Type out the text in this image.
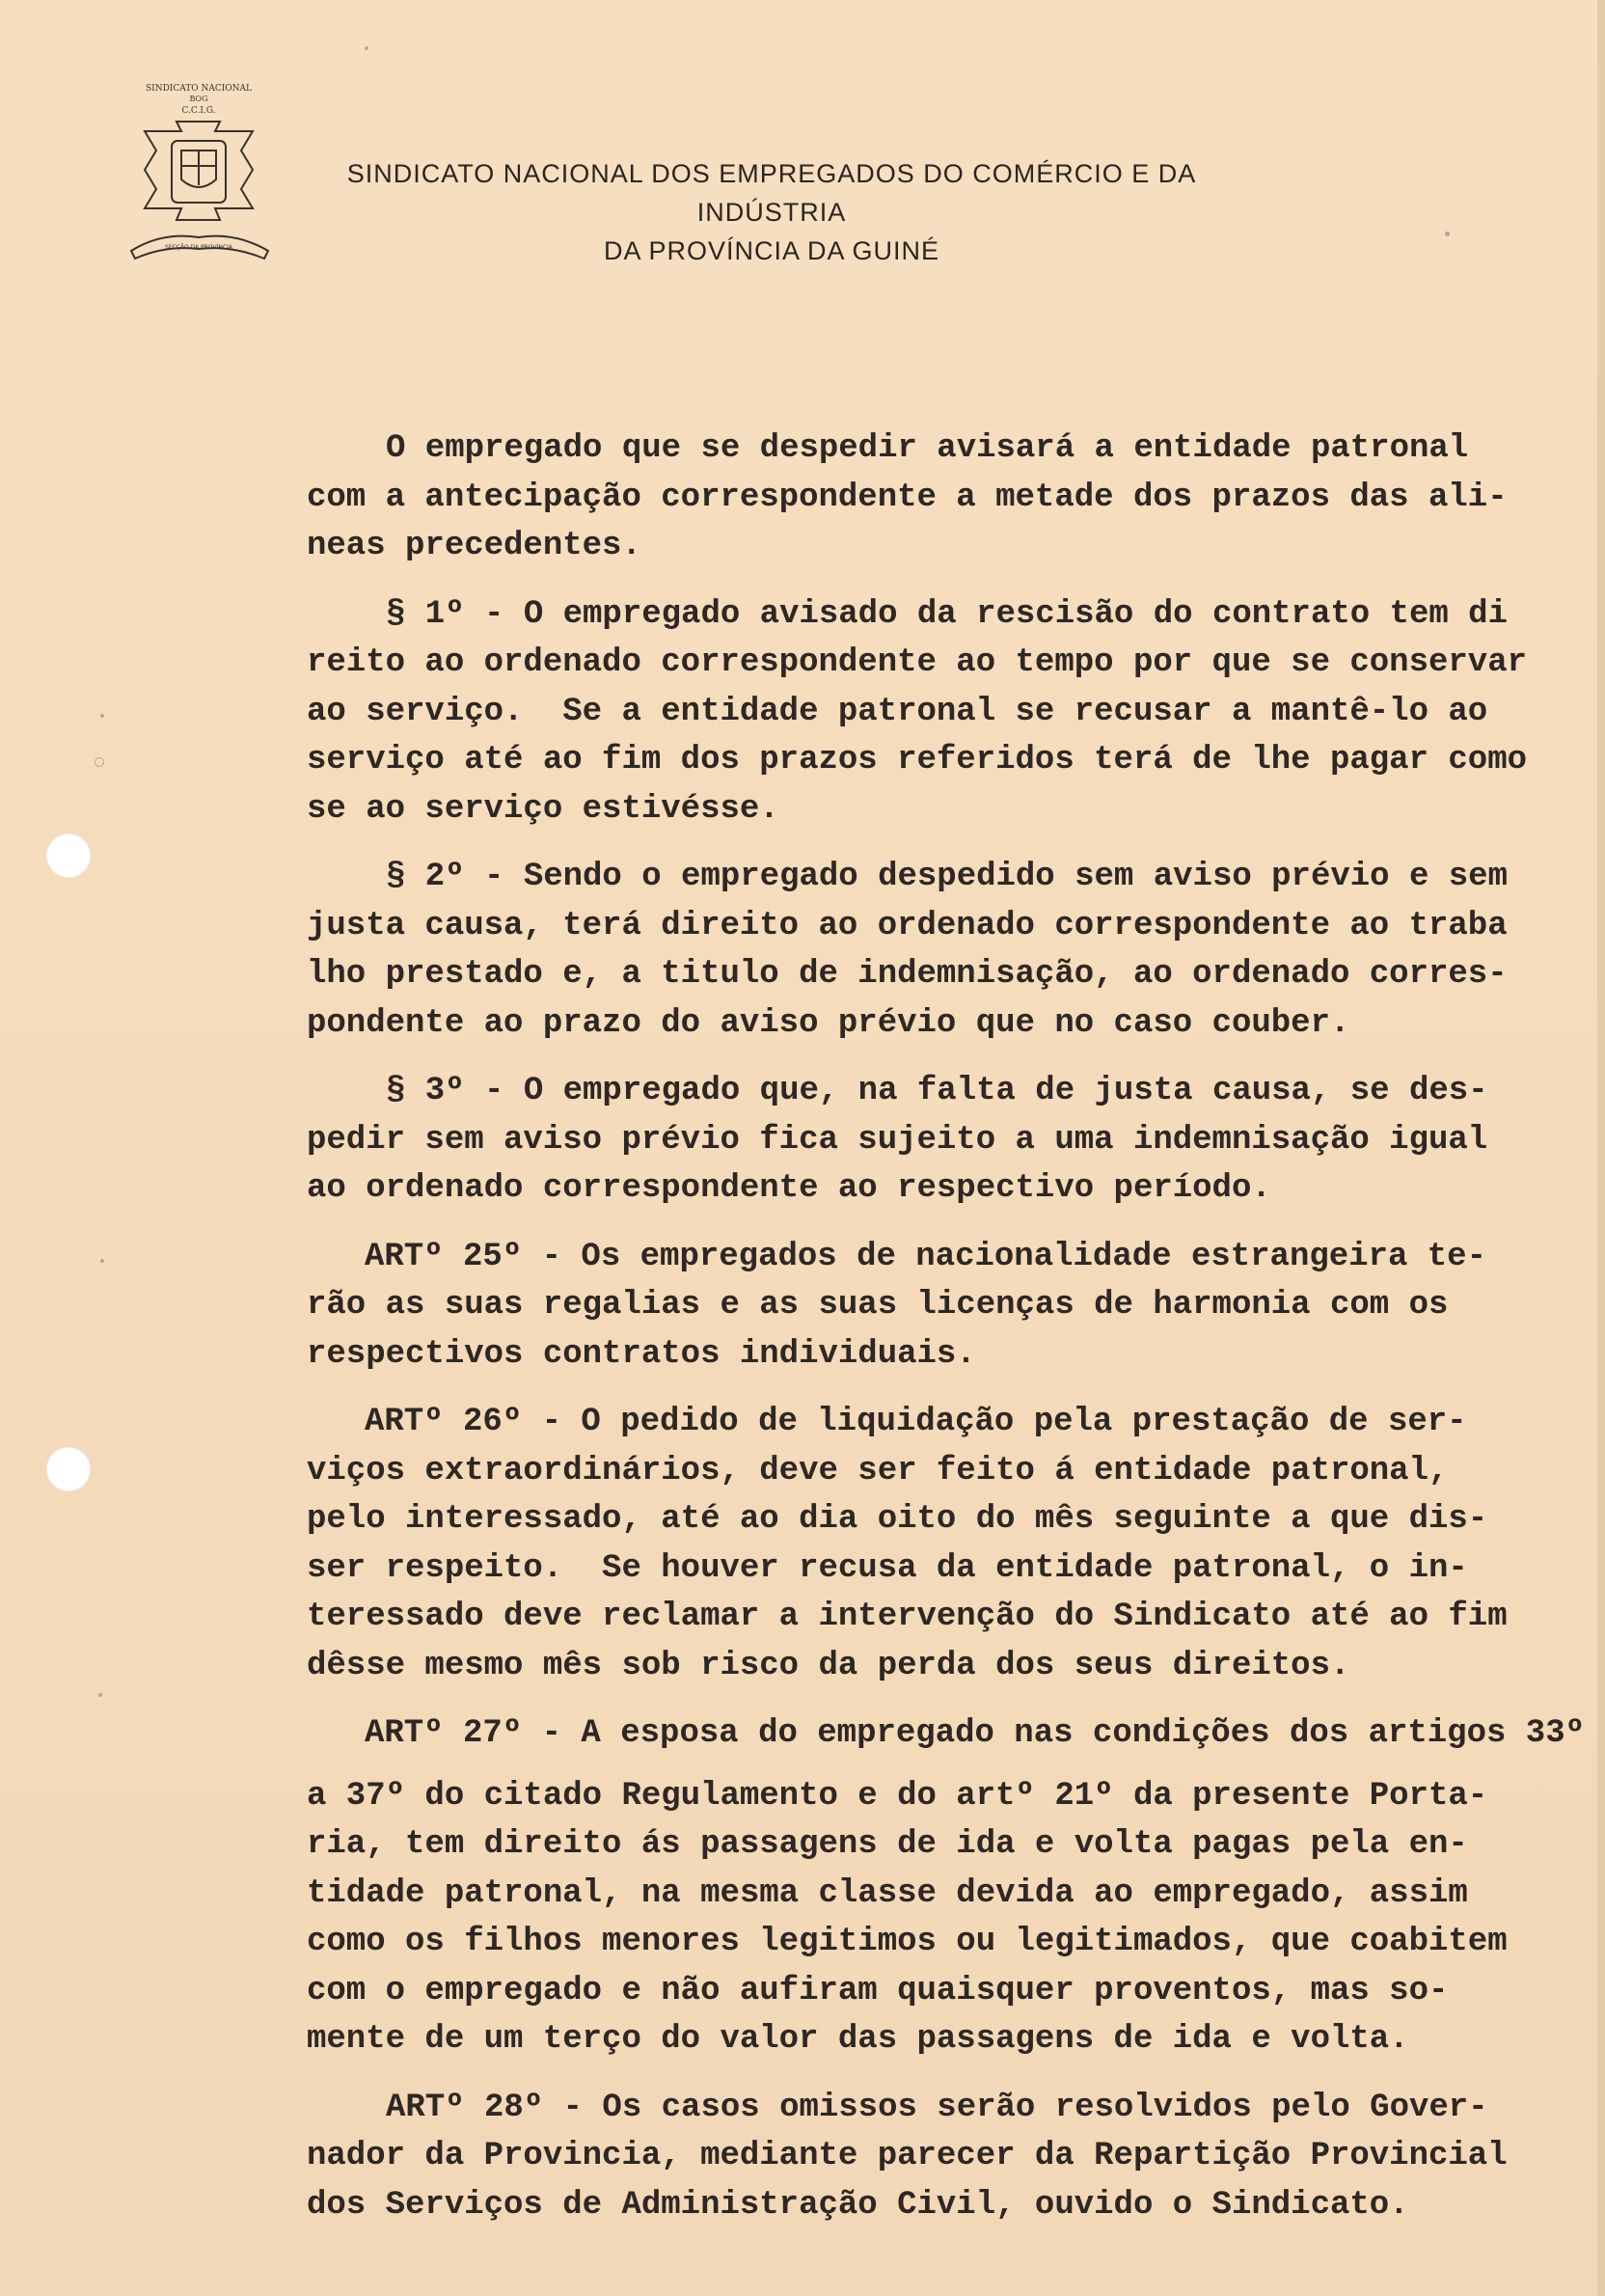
SINDICATO NACIONAL
BOG
C.C.I.G.
SECÇÃO DA PROVÍNCIA
SINDICATO NACIONAL DOS EMPREGADOS DO COMÉRCIO E DA INDÚSTRIA
DA PROVÍNCIA DA GUINÉ
O empregado que se despedir avisará a entidade patronal
com a antecipação correspondente a metade dos prazos das ali-
neas precedentes.
§ 1º - O empregado avisado da rescisão do contrato tem di
reito ao ordenado correspondente ao tempo por que se conservar
ao serviço.  Se a entidade patronal se recusar a mantê-lo ao
serviço até ao fim dos prazos referidos terá de lhe pagar como
se ao serviço estivésse.
§ 2º - Sendo o empregado despedido sem aviso prévio e sem
justa causa, terá direito ao ordenado correspondente ao traba
lho prestado e, a titulo de indemnisação, ao ordenado corres-
pondente ao prazo do aviso prévio que no caso couber.
§ 3º - O empregado que, na falta de justa causa, se des-
pedir sem aviso prévio fica sujeito a uma indemnisação igual
ao ordenado correspondente ao respectivo período.
ARTº 25º - Os empregados de nacionalidade estrangeira te-
rão as suas regalias e as suas licenças de harmonia com os
respectivos contratos individuais.
ARTº 26º - O pedido de liquidação pela prestação de ser-
viços extraordinários, deve ser feito á entidade patronal,
pelo interessado, até ao dia oito do mês seguinte a que dis-
ser respeito.  Se houver recusa da entidade patronal, o in-
teressado deve reclamar a intervenção do Sindicato até ao fim
dêsse mesmo mês sob risco da perda dos seus direitos.
ARTº 27º - A esposa do empregado nas condições dos artigos 33º
a 37º do citado Regulamento e do artº 21º da presente Porta-
ria, tem direito ás passagens de ida e volta pagas pela en-
tidade patronal, na mesma classe devida ao empregado, assim
como os filhos menores legitimos ou legitimados, que coabitem
com o empregado e não aufiram quaisquer proventos, mas so-
mente de um terço do valor das passagens de ida e volta.
ARTº 28º - Os casos omissos serão resolvidos pelo Gover-
nador da Provincia, mediante parecer da Repartição Provincial
dos Serviços de Administração Civil, ouvido o Sindicato.
